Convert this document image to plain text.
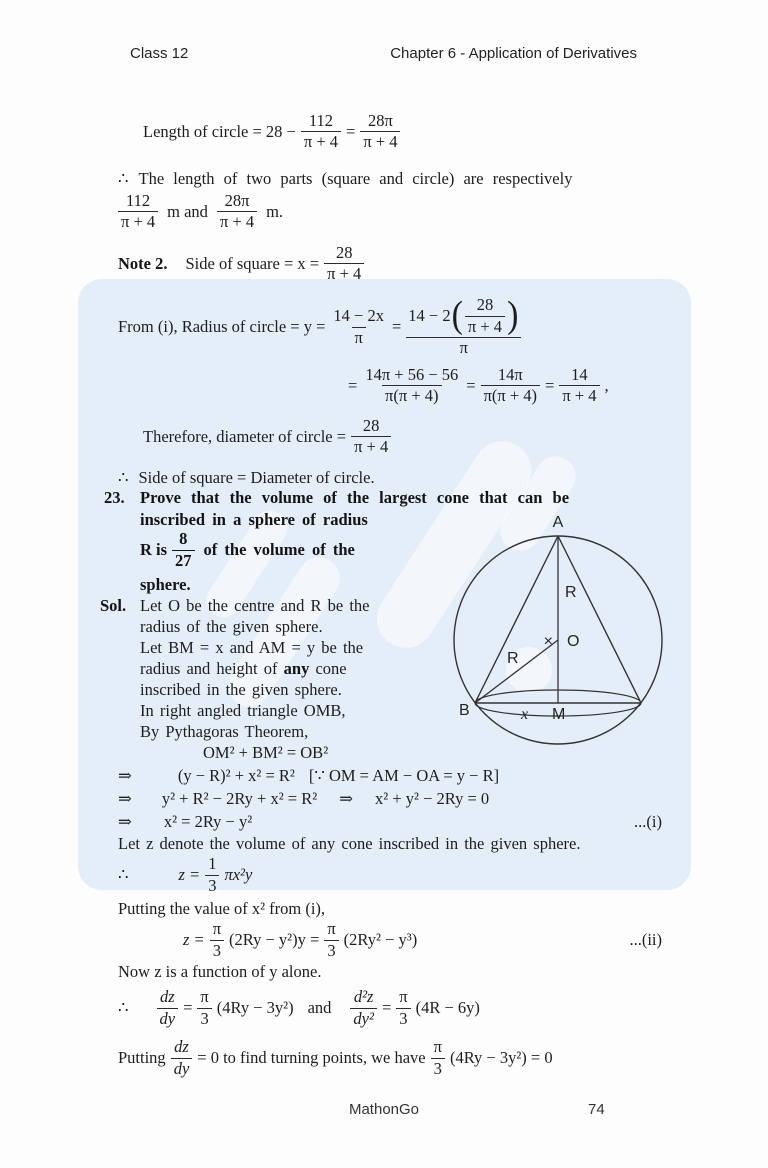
Class 12	Chapter 6 - Application of Derivatives
Length of circle = $28 - \frac{112}{\pi + 4} = \frac{28\pi}{\pi + 4}$
∴ The length of two parts (square and circle) are respectively
$\frac{112}{\pi + 4}$ m and $\frac{28\pi}{\pi + 4} m$.
Note 2. Side of square = $x = \frac{28}{\pi + 4}$
From (i), Radius of circle = $y = \frac{14 - 2x}{\pi} = \frac{14 - 2 ( \frac{28}{\pi + 4} )}{\pi}$
= $\frac{14\pi + 56 - 56}{\pi(\pi + 4)} = \frac{14\pi}{\pi(\pi + 4)} = \frac{14}{\pi + 4}$ ,
Therefore, diameter of circle = $\frac{28}{\pi + 4}$
∴ Side of square = Diameter of circle.
23. Prove that the volume of the largest cone that can be
inscribed in a sphere of radius
R is $\frac{8}{27}$ of the volume of the
sphere.
Sol. Let O be the centre and R be the
radius of the given sphere.
Let BM = x and AM = y be the
radius and height of any cone
inscribed in the given sphere.
In right angled triangle OMB,
By Pythagoras Theorem,
A
R
× O
R
B	x M
OM² + BM² = OB²
⇒	(y − R)² + x² = R² [∵ OM = AM − OA = y − R]
⇒ y² + R² − 2Ry + x² = R² ⇒ x² + y² − 2Ry = 0
⇒ x² = 2Ry − y²	...(i)
Let z denote the volume of any cone inscribed in the given sphere.
∴	$z = \frac{1}{3} \pi x^2y$
Putting the value of x² from (i),
$z = \frac{\pi}{3} (2Ry - y^2)y = \frac{\pi}{3} (2Ry^2 - y^3)$	...(ii)
Now z is a function of y alone.
∴ $\frac{dz}{dy} = \frac{\pi}{3} (4Ry - 3y^2)$ and $\frac{\text{d²z}}{\text{dy²}} = \frac{\pi}{3} (4R - 6y)$
Putting $\frac{dz}{dy} = 0$ to find turning points, we have $\frac{\pi}{3} (4Ry - 3y^2) = 0$
MathonGo	74
